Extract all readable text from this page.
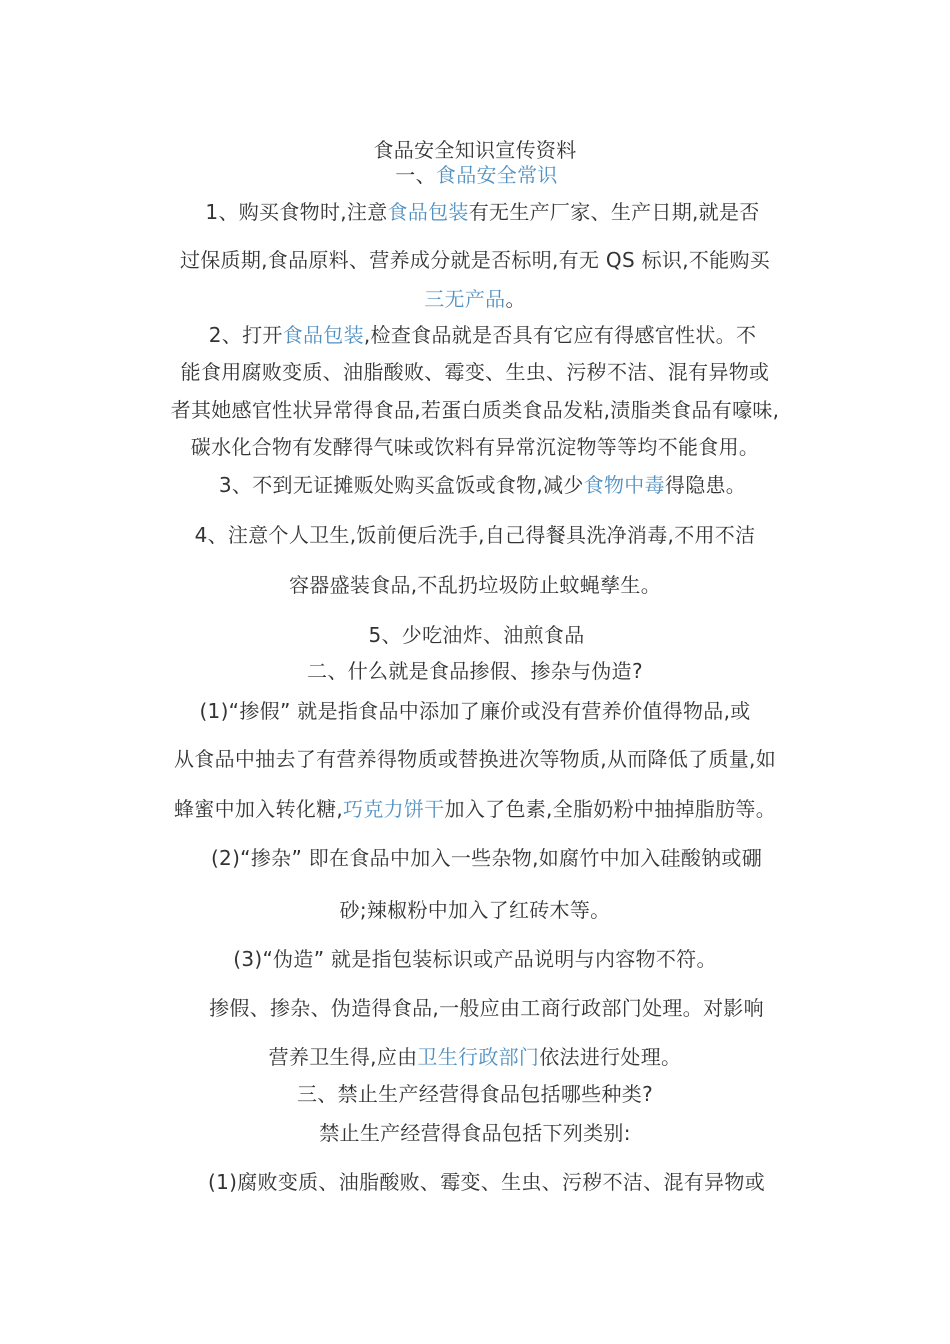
食品安全知识宣传资料
一、食品安全常识
1、购买食物时,注意食品包装有无生产厂家、生产日期,就是否
过保质期,食品原料、营养成分就是否标明,有无 QS 标识,不能购买
三无产品。
2、打开食品包装,检查食品就是否具有它应有得感官性状。不
能食用腐败变质、油脂酸败、霉变、生虫、污秽不洁、混有异物或
者其她感官性状异常得食品,若蛋白质类食品发粘,渍脂类食品有嚎味,
碳水化合物有发酵得气味或饮料有异常沉淀物等等均不能食用。
3、不到无证摊贩处购买盒饭或食物,减少食物中毒得隐患。
4、注意个人卫生,饭前便后洗手,自己得餐具洗净消毒,不用不洁
容器盛装食品,不乱扔垃圾防止蚊蝇孳生。
5、少吃油炸、油煎食品
二、什么就是食品掺假、掺杂与伪造?
(1)“掺假” 就是指食品中添加了廉价或没有营养价值得物品,或
从食品中抽去了有营养得物质或替换进次等物质,从而降低了质量,如
蜂蜜中加入转化糖,巧克力饼干加入了色素,全脂奶粉中抽掉脂肪等。
(2)“掺杂” 即在食品中加入一些杂物,如腐竹中加入硅酸钠或硼
砂;辣椒粉中加入了红砖木等。
(3)“伪造” 就是指包装标识或产品说明与内容物不符。
掺假、掺杂、伪造得食品,一般应由工商行政部门处理。对影响
营养卫生得,应由卫生行政部门依法进行处理。
三、禁止生产经营得食品包括哪些种类?
禁止生产经营得食品包括下列类别:
(1)腐败变质、油脂酸败、霉变、生虫、污秽不洁、混有异物或
